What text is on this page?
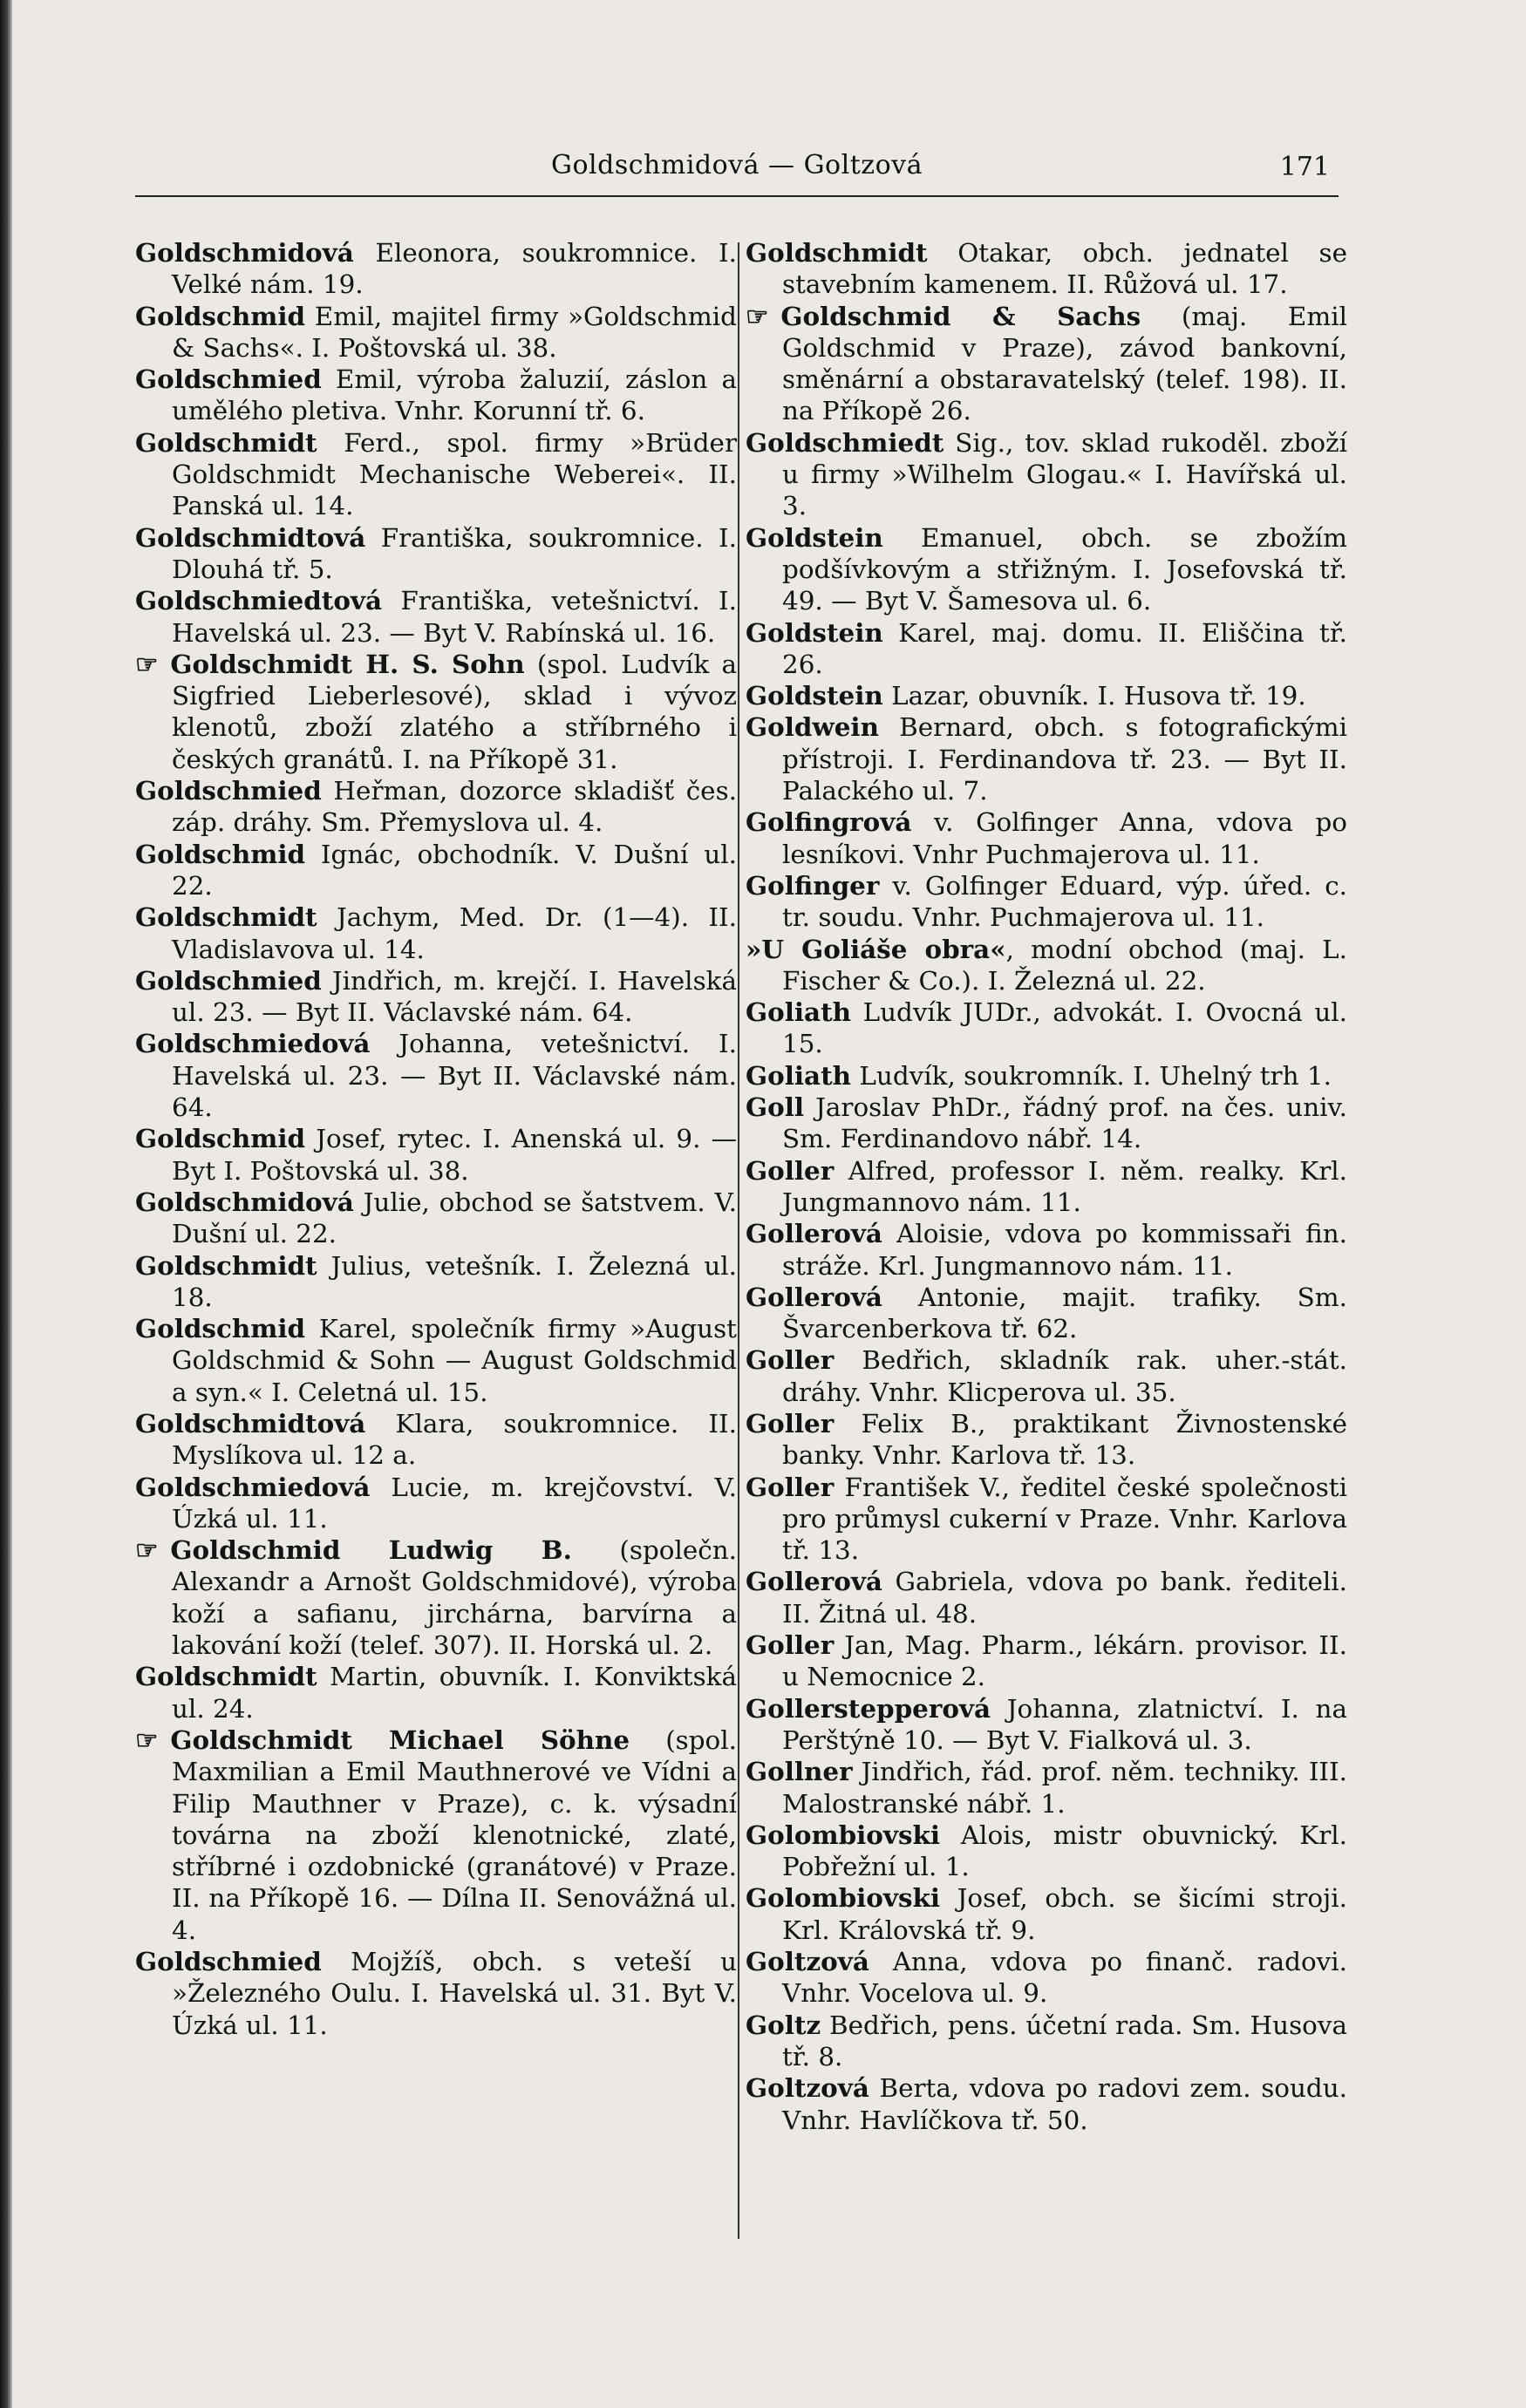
Goldschmidová — Goltzová	171

Goldschmidová Eleonora, soukromnice. I. Velké nám. 19.

Goldschmid Emil, majitel firmy »Goldschmid & Sachs«. I. Poštovská ul. 38.

Goldschmied Emil, výroba žaluzií, záslon a umělého pletiva. Vnhr. Korunní tř. 6.

Goldschmidt Ferd., spol. firmy »Brüder Goldschmidt Mechanische Weberei«. II. Panská ul. 14.

Goldschmidtová Františka, soukromnice. I. Dlouhá tř. 5.

Goldschmiedtová Františka, vetešnictví. I. Havelská ul. 23. — Byt V. Rabínská ul. 16.

☞ Goldschmidt H. S. Sohn (spol. Ludvík a Sigfried Lieberlesové), sklad i vývoz klenotů, zboží zlatého a stříbrného i českých granátů. I. na Příkopě 31.

Goldschmied Heřman, dozorce skladišť čes. záp. dráhy. Sm. Přemyslova ul. 4.

Goldschmid Ignác, obchodník. V. Dušní ul. 22.

Goldschmidt Jachym, Med. Dr. (1—4). II. Vladislavova ul. 14.

Goldschmied Jindřich, m. krejčí. I. Havelská ul. 23. — Byt II. Václavské nám. 64.

Goldschmiedová Johanna, vetešnictví. I. Havelská ul. 23. — Byt II. Václavské nám. 64.

Goldschmid Josef, rytec. I. Anenská ul. 9. — Byt I. Poštovská ul. 38.

Goldschmidová Julie, obchod se šatstvem. V. Dušní ul. 22.

Goldschmidt Julius, vetešník. I. Železná ul. 18.

Goldschmid Karel, společník firmy »August Goldschmid & Sohn — August Goldschmid a syn.« I. Celetná ul. 15.

Goldschmidtová Klara, soukromnice. II. Myslíkova ul. 12 a.

Goldschmiedová Lucie, m. krejčovství. V. Úzká ul. 11.

☞ Goldschmid Ludwig B. (společn. Alexandr a Arnošt Goldschmidové), výroba koží a safianu, jirchárna, barvírna a lakování koží (telef. 307). II. Horská ul. 2.

Goldschmidt Martin, obuvník. I. Konviktská ul. 24.

☞ Goldschmidt Michael Söhne (spol. Maxmilian a Emil Mauthnerové ve Vídni a Filip Mauthner v Praze), c. k. výsadní továrna na zboží klenotnické, zlaté, stříbrné i ozdobnické (granátové) v Praze. II. na Příkopě 16. — Dílna II. Senovážná ul. 4.

Goldschmied Mojžíš, obch. s veteší u »Železného Oulu. I. Havelská ul. 31. Byt V. Úzká ul. 11.

Goldschmidt Otakar, obch. jednatel se stavebním kamenem. II. Růžová ul. 17.

☞ Goldschmid & Sachs (maj. Emil Goldschmid v Praze), závod bankovní, směnární a obstaravatelský (telef. 198). II. na Příkopě 26.

Goldschmiedt Sig., tov. sklad rukoděl. zboží u firmy »Wilhelm Glogau.« I. Havířská ul. 3.

Goldstein Emanuel, obch. se zbožím podšívkovým a střižným. I. Josefovská tř. 49. — Byt V. Šamesova ul. 6.

Goldstein Karel, maj. domu. II. Eliščina tř. 26.

Goldstein Lazar, obuvník. I. Husova tř. 19.

Goldwein Bernard, obch. s fotografickými přístroji. I. Ferdinandova tř. 23. — Byt II. Palackého ul. 7.

Golfingrová v. Golfinger Anna, vdova po lesníkovi. Vnhr Puchmajerova ul. 11.

Golfinger v. Golfinger Eduard, výp. úřed. c. tr. soudu. Vnhr. Puchmajerova ul. 11.

»U Goliáše obra«, modní obchod (maj. L. Fischer & Co.). I. Železná ul. 22.

Goliath Ludvík JUDr., advokát. I. Ovocná ul. 15.

Goliath Ludvík, soukromník. I. Uhelný trh 1.

Goll Jaroslav PhDr., řádný prof. na čes. univ. Sm. Ferdinandovo nábř. 14.

Goller Alfred, professor I. něm. realky. Krl. Jungmannovo nám. 11.

Gollerová Aloisie, vdova po kommissaři fin. stráže. Krl. Jungmannovo nám. 11.

Gollerová Antonie, majit. trafiky. Sm. Švarcenberkova tř. 62.

Goller Bedřich, skladník rak. uher.-stát. dráhy. Vnhr. Klicperova ul. 35.

Goller Felix B., praktikant Živnostenské banky. Vnhr. Karlova tř. 13.

Goller František V., ředitel české společnosti pro průmysl cukerní v Praze. Vnhr. Karlova tř. 13.

Gollerová Gabriela, vdova po bank. řediteli. II. Žitná ul. 48.

Goller Jan, Mag. Pharm., lékárn. provisor. II. u Nemocnice 2.

Gollerstepperová Johanna, zlatnictví. I. na Perštýně 10. — Byt V. Fialková ul. 3.

Gollner Jindřich, řád. prof. něm. techniky. III. Malostranské nábř. 1.

Golombiovski Alois, mistr obuvnický. Krl. Pobřežní ul. 1.

Golombiovski Josef, obch. se šicími stroji. Krl. Královská tř. 9.

Goltzová Anna, vdova po finanč. radovi. Vnhr. Vocelova ul. 9.

Goltz Bedřich, pens. účetní rada. Sm. Husova tř. 8.

Goltzová Berta, vdova po radovi zem. soudu. Vnhr. Havlíčkova tř. 50.
